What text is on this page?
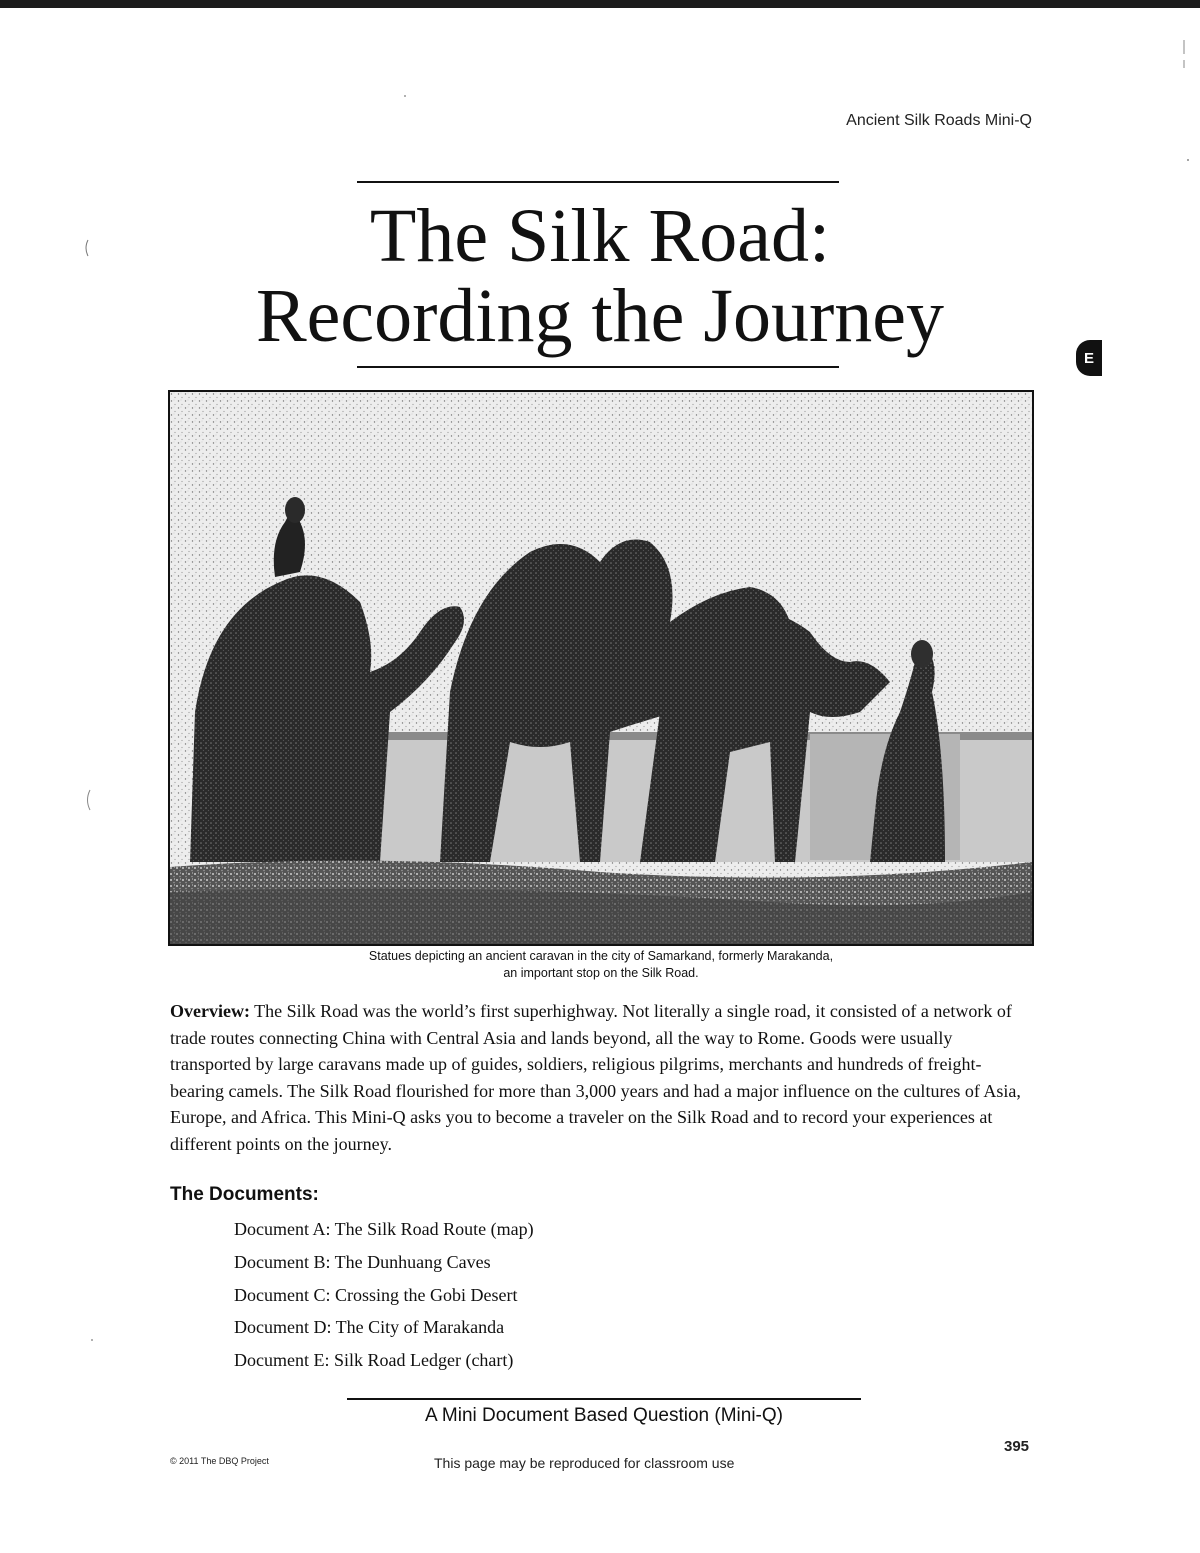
Ancient Silk Roads Mini-Q
The Silk Road:
Recording the Journey	E
Statues depicting an ancient caravan in the city of Samarkand, formerly Marakanda,
an important stop on the Silk Road.

Overview: The Silk Road was the world’s first superhighway. Not literally a single road, it consisted of a network of trade routes connecting China with Central Asia and lands beyond, all the way to Rome. Goods were usually transported by large caravans made up of guides, soldiers, religious pilgrims, merchants and hundreds of freight-bearing camels. The Silk Road flourished for more than 3,000 years and had a major influence on the cultures of Asia, Europe, and Africa. This Mini-Q asks you to become a traveler on the Silk Road and to record your experiences at different points on the journey.

The Documents:
Document A: The Silk Road Route (map)
Document B: The Dunhuang Caves
Document C: Crossing the Gobi Desert
Document D: The City of Marakanda
Document E: Silk Road Ledger (chart)
A Mini Document Based Question (Mini-Q)
395
© 2011 The DBQ Project	This page may be reproduced for classroom use
